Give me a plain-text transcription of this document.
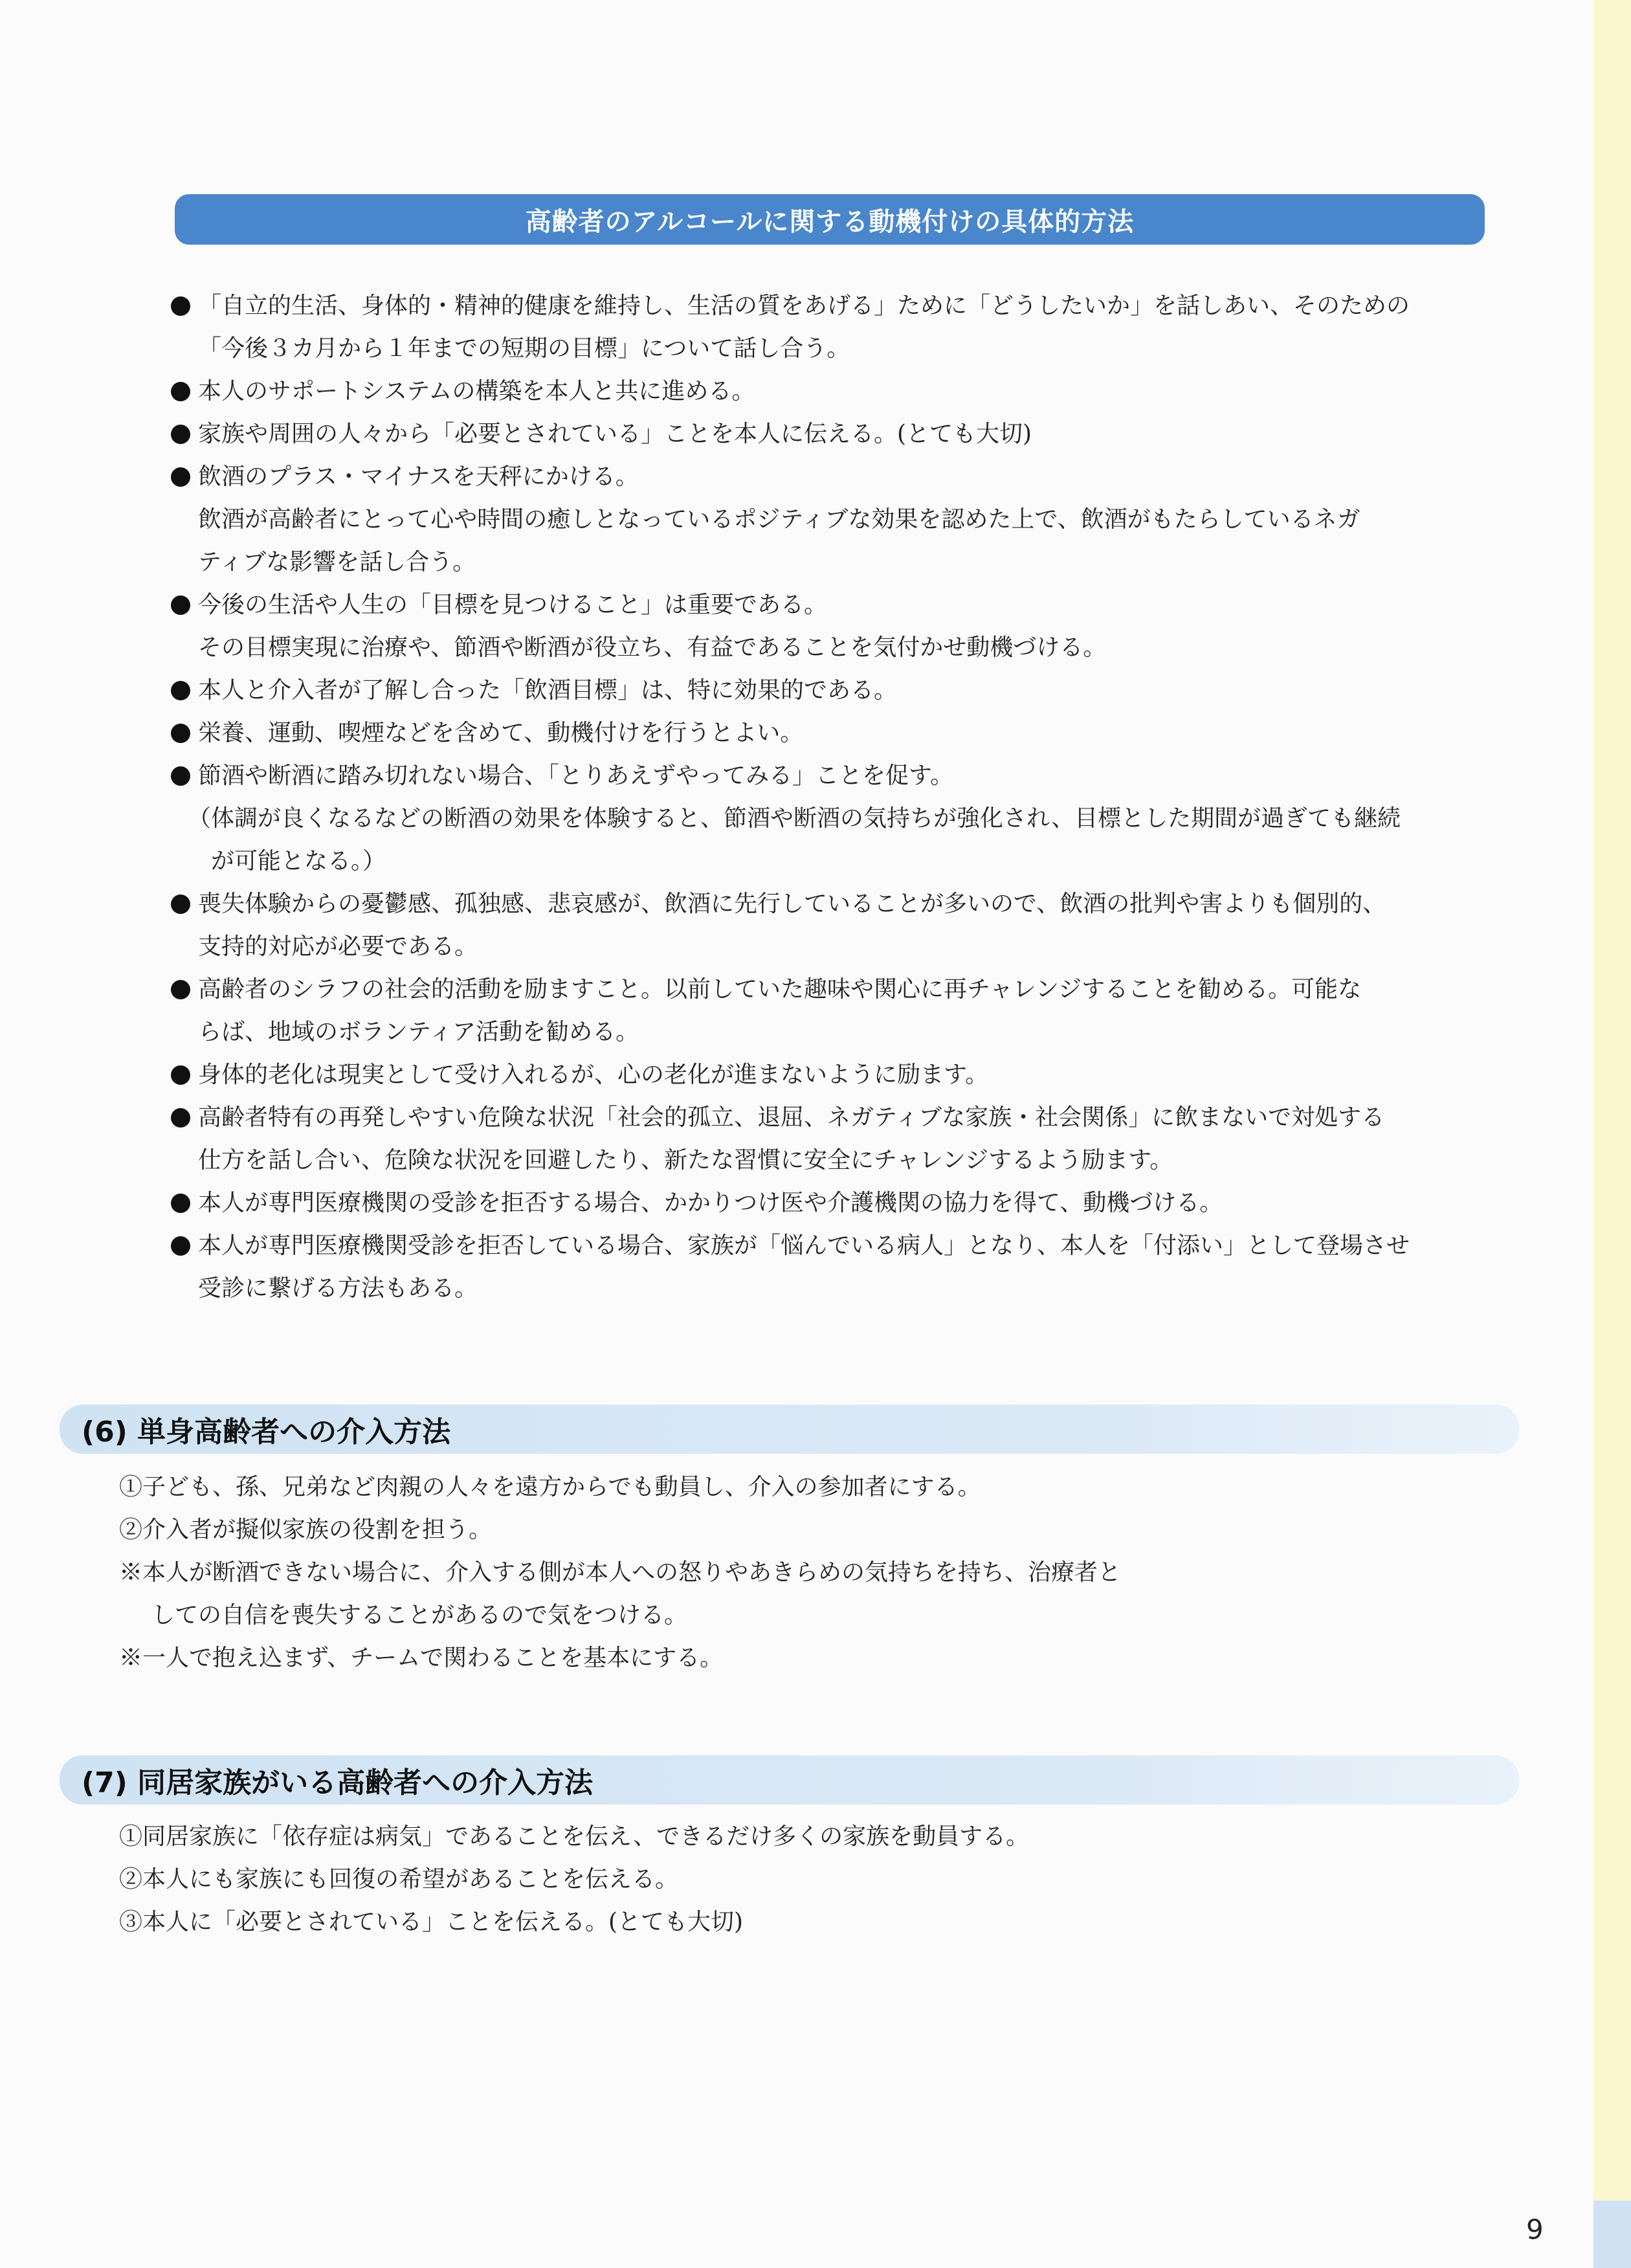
高齢者のアルコールに関する動機付けの具体的方法
「自立的生活、身体的・精神的健康を維持し、生活の質をあげる」ために「どうしたいか」を話しあい、そのための
「今後３カ月から１年までの短期の目標」について話し合う。
本人のサポートシステムの構築を本人と共に進める。
家族や周囲の人々から「必要とされている」ことを本人に伝える。(とても大切)
飲酒のプラス・マイナスを天秤にかける。
飲酒が高齢者にとって心や時間の癒しとなっているポジティブな効果を認めた上で、飲酒がもたらしているネガ
ティブな影響を話し合う。
今後の生活や人生の「目標を見つけること」は重要である。
その目標実現に治療や、節酒や断酒が役立ち、有益であることを気付かせ動機づける。
本人と介入者が了解し合った「飲酒目標」は、特に効果的である。
栄養、運動、喫煙などを含めて、動機付けを行うとよい。
節酒や断酒に踏み切れない場合、「とりあえずやってみる」ことを促す。
（体調が良くなるなどの断酒の効果を体験すると、節酒や断酒の気持ちが強化され、目標とした期間が過ぎても継続
が可能となる。）
喪失体験からの憂鬱感、孤独感、悲哀感が、飲酒に先行していることが多いので、飲酒の批判や害よりも個別的、
支持的対応が必要である。
高齢者のシラフの社会的活動を励ますこと。以前していた趣味や関心に再チャレンジすることを勧める。可能な
らば、地域のボランティア活動を勧める。
身体的老化は現実として受け入れるが、心の老化が進まないように励ます。
高齢者特有の再発しやすい危険な状況「社会的孤立、退屈、ネガティブな家族・社会関係」に飲まないで対処する
仕方を話し合い、危険な状況を回避したり、新たな習慣に安全にチャレンジするよう励ます。
本人が専門医療機関の受診を拒否する場合、かかりつけ医や介護機関の協力を得て、動機づける。
本人が専門医療機関受診を拒否している場合、家族が「悩んでいる病人」となり、本人を「付添い」として登場させ
受診に繋げる方法もある。
(6) 単身高齢者への介入方法
①子ども、孫、兄弟など肉親の人々を遠方からでも動員し、介入の参加者にする。
②介入者が擬似家族の役割を担う。
※本人が断酒できない場合に、介入する側が本人への怒りやあきらめの気持ちを持ち、治療者と
しての自信を喪失することがあるので気をつける。
※一人で抱え込まず、チームで関わることを基本にする。
(7) 同居家族がいる高齢者への介入方法
①同居家族に「依存症は病気」であることを伝え、できるだけ多くの家族を動員する。
②本人にも家族にも回復の希望があることを伝える。
③本人に「必要とされている」ことを伝える。(とても大切)
9
